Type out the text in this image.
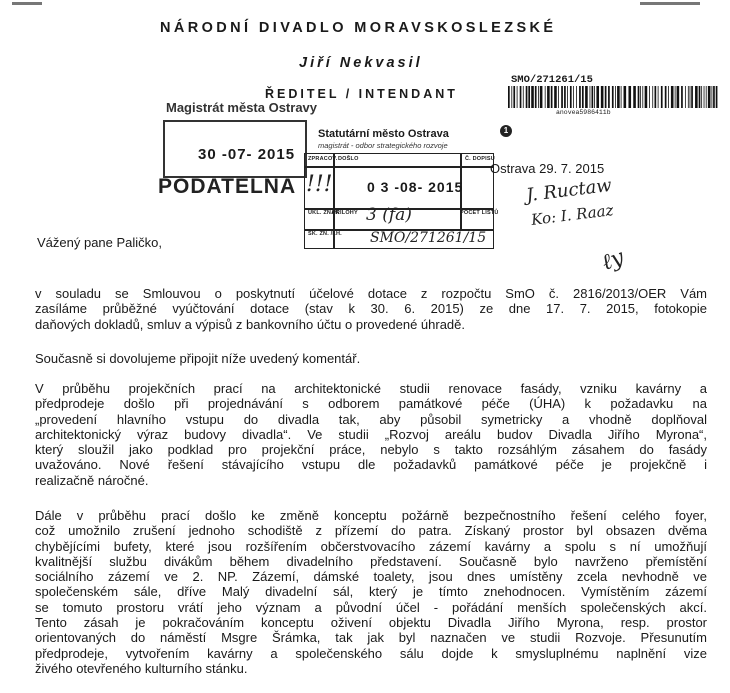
NÁRODNÍ DIVADLO MORAVSKOSLEZSKÉ
Jiří Nekvasil
ŘEDITEL / INTENDANT
SMO/271261/15
anovea5986411b
Magistrát města Ostravy
30 -07- 2015
PODATELNA !!!
Statutární město Ostrava
magistrát - odbor strategického rozvoje
1
ZPRACOV. DOŠLO	Č. DOPISU
UKL. ZNAK
PŘÍLOHY	POČET LISTŮ
SK. ZN. /LH.
0 3 -08- 2015
3 (fa)
SMO/271261/15
J. Ructaw
Ko: I. Raaz
ℓy
Ostrava 29. 7. 2015
Vážený pane Paličko,
v souladu se Smlouvou o poskytnutí účelové dotace z rozpočtu SmO č. 2816/2013/OER Vám
zasíláme průběžné vyúčtování dotace (stav k 30. 6. 2015) ze dne 17. 7. 2015, fotokopie
daňových dokladů, smluv a výpisů z bankovního účtu o provedené úhradě.
Současně si dovolujeme připojit níže uvedený komentář.
V průběhu projekčních prací na architektonické studii renovace fasády, vzniku kavárny a
předprodeje došlo při projednávání s odborem památkové péče (ÚHA) k požadavku na
„provedení hlavního vstupu do divadla tak, aby působil symetricky a vhodně doplňoval
architektonický výraz budovy divadla“. Ve studii „Rozvoj areálu budov Divadla Jiřího Myrona“,
který sloužil jako podklad pro projekční práce, nebylo s takto rozsáhlým zásahem do fasády
uvažováno. Nové řešení stávajícího vstupu dle požadavků památkové péče je projekčně i
realizačně náročné.
Dále v průběhu prací došlo ke změně konceptu požárně bezpečnostního řešení celého foyer,
což umožnilo zrušení jednoho schodiště z přízemí do patra. Získaný prostor byl obsazen dvěma
chybějícími bufety, které jsou rozšířením občerstvovacího zázemí kavárny a spolu s ní umožňují
kvalitnější službu divákům během divadelního představení. Současně bylo navrženo přemístění
sociálního zázemí ve 2. NP. Zázemí, dámské toalety, jsou dnes umístěny zcela nevhodně ve
společenském sále, dříve Malý divadelní sál, který je tímto znehodnocen. Vymístěním zázemí
se tomuto prostoru vrátí jeho význam a původní účel - pořádání menších společenských akcí.
Tento zásah je pokračováním konceptu oživení objektu Divadla Jiřího Myrona, resp. prostor
orientovaných do náměstí Msgre Šrámka, tak jak byl naznačen ve studii Rozvoje. Přesunutím
předprodeje, vytvořením kavárny a společenského sálu dojde k smysluplnému naplnění vize
živého otevřeného kulturního stánku.
